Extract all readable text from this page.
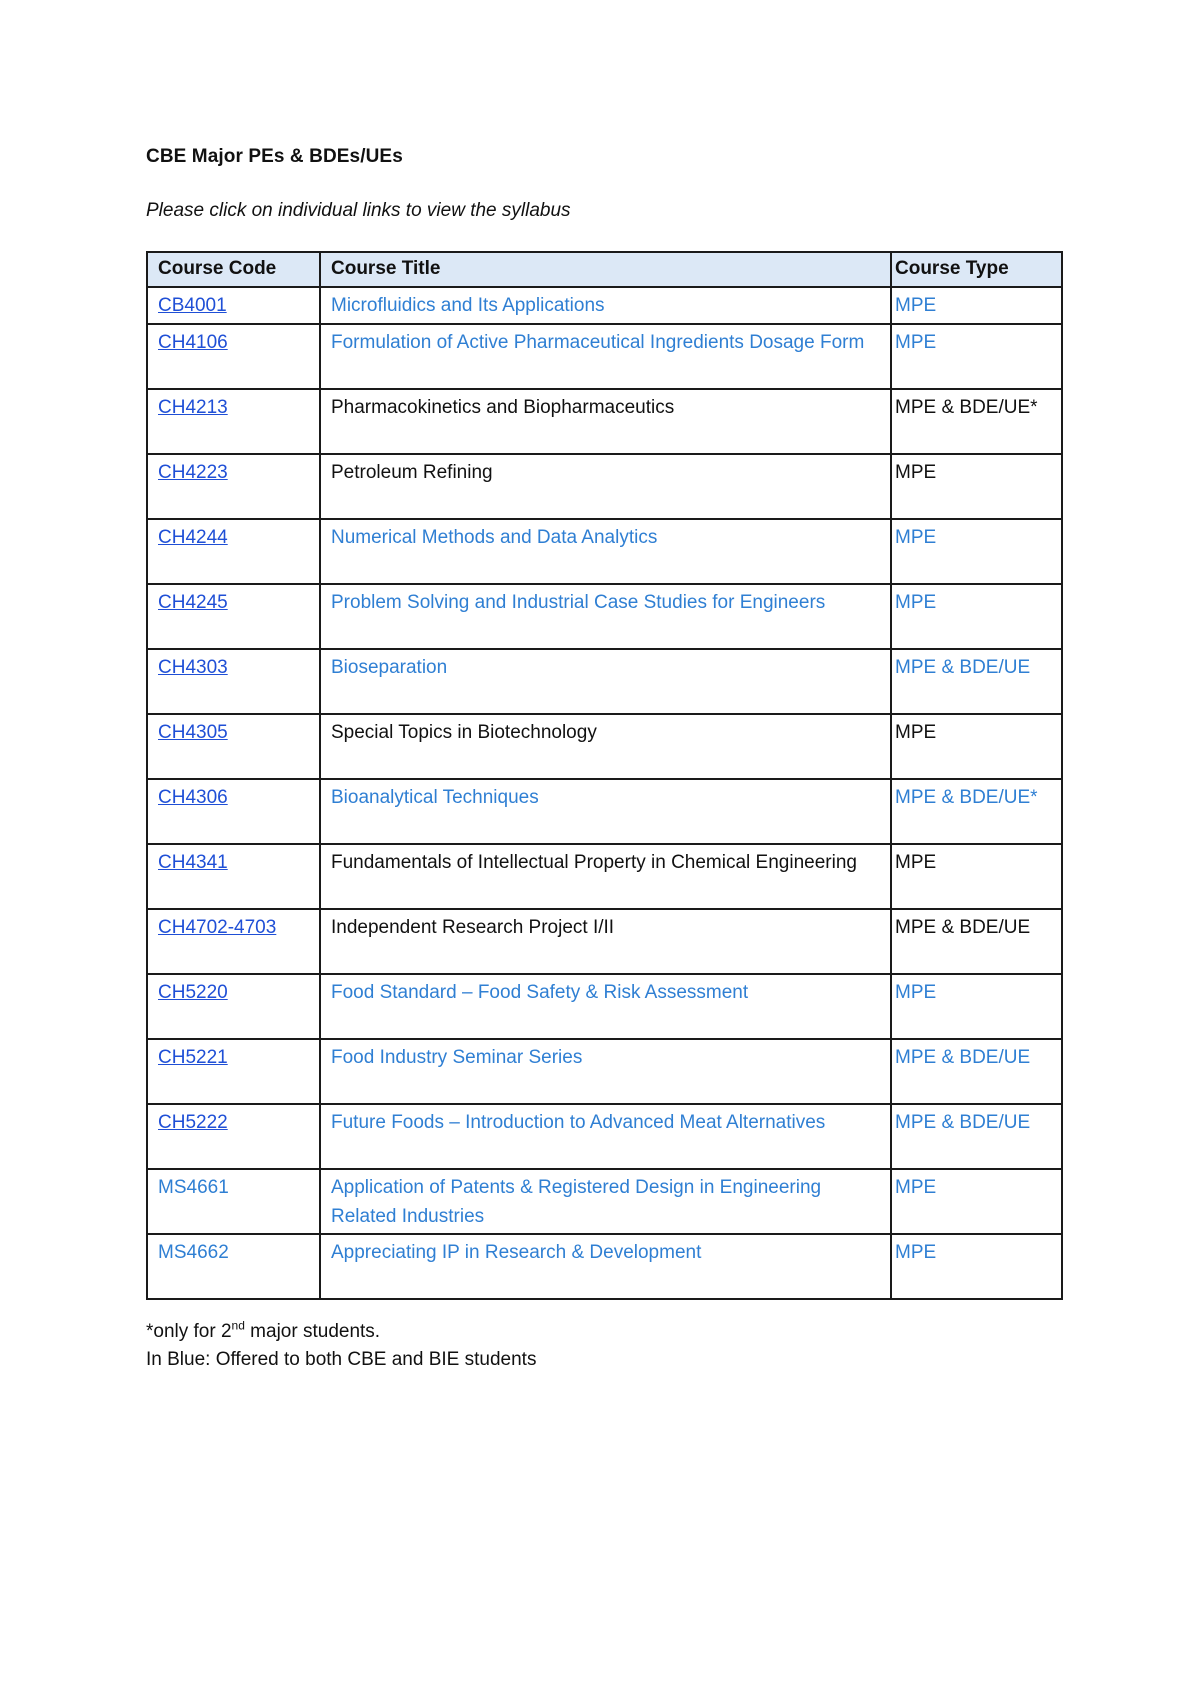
CBE Major PEs & BDEs/UEs
Please click on individual links to view the syllabus
Course Code	Course Title	Course Type
CB4001	Microfluidics and Its Applications	MPE
CH4106	Formulation of Active Pharmaceutical Ingredients Dosage Form	MPE
CH4213	Pharmacokinetics and Biopharmaceutics	MPE & BDE/UE*
CH4223	Petroleum Refining	MPE
CH4244	Numerical Methods and Data Analytics	MPE
CH4245	Problem Solving and Industrial Case Studies for Engineers	MPE
CH4303	Bioseparation	MPE & BDE/UE
CH4305	Special Topics in Biotechnology	MPE
CH4306	Bioanalytical Techniques	MPE & BDE/UE*
CH4341	Fundamentals of Intellectual Property in Chemical Engineering	MPE
CH4702-4703	Independent Research Project I/II	MPE & BDE/UE
CH5220	Food Standard – Food Safety & Risk Assessment	MPE
CH5221	Food Industry Seminar Series	MPE & BDE/UE
CH5222	Future Foods – Introduction to Advanced Meat Alternatives	MPE & BDE/UE
MS4661	Application of Patents & Registered Design in Engineering Related Industries	MPE
MS4662	Appreciating IP in Research & Development	MPE
*only for 2nd major students.
In Blue: Offered to both CBE and BIE students
